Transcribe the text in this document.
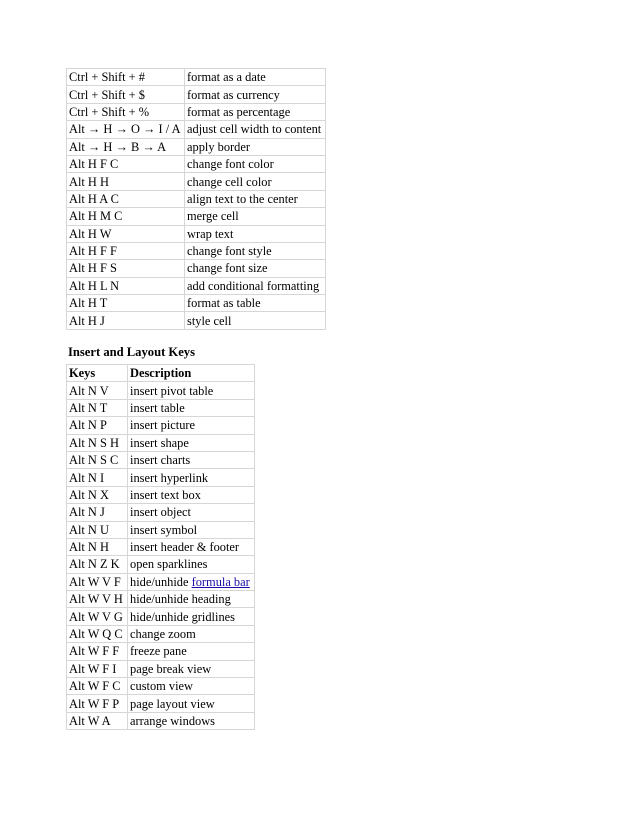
Ctrl + Shift + #	format as a date
Ctrl + Shift + $	format as currency
Ctrl + Shift + %	format as percentage
Alt → H → O → I / A	adjust cell width to content
Alt → H → B → A	apply border
Alt H F C	change font color
Alt H H	change cell color
Alt H A C	align text to the center
Alt H M C	merge cell
Alt H W	wrap text
Alt H F F	change font style
Alt H F S	change font size
Alt H L N	add conditional formatting
Alt H T	format as table
Alt H J	style cell
Insert and Layout Keys
Keys	Description
Alt N V	insert pivot table
Alt N T	insert table
Alt N P	insert picture
Alt N S H	insert shape
Alt N S C	insert charts
Alt N I	insert hyperlink
Alt N X	insert text box
Alt N J	insert object
Alt N U	insert symbol
Alt N H	insert header & footer
Alt N Z K	open sparklines
Alt W V F	hide/unhide formula bar
Alt W V H	hide/unhide heading
Alt W V G	hide/unhide gridlines
Alt W Q C	change zoom
Alt W F F	freeze pane
Alt W F I	page break view
Alt W F C	custom view
Alt W F P	page layout view
Alt W A	arrange windows
